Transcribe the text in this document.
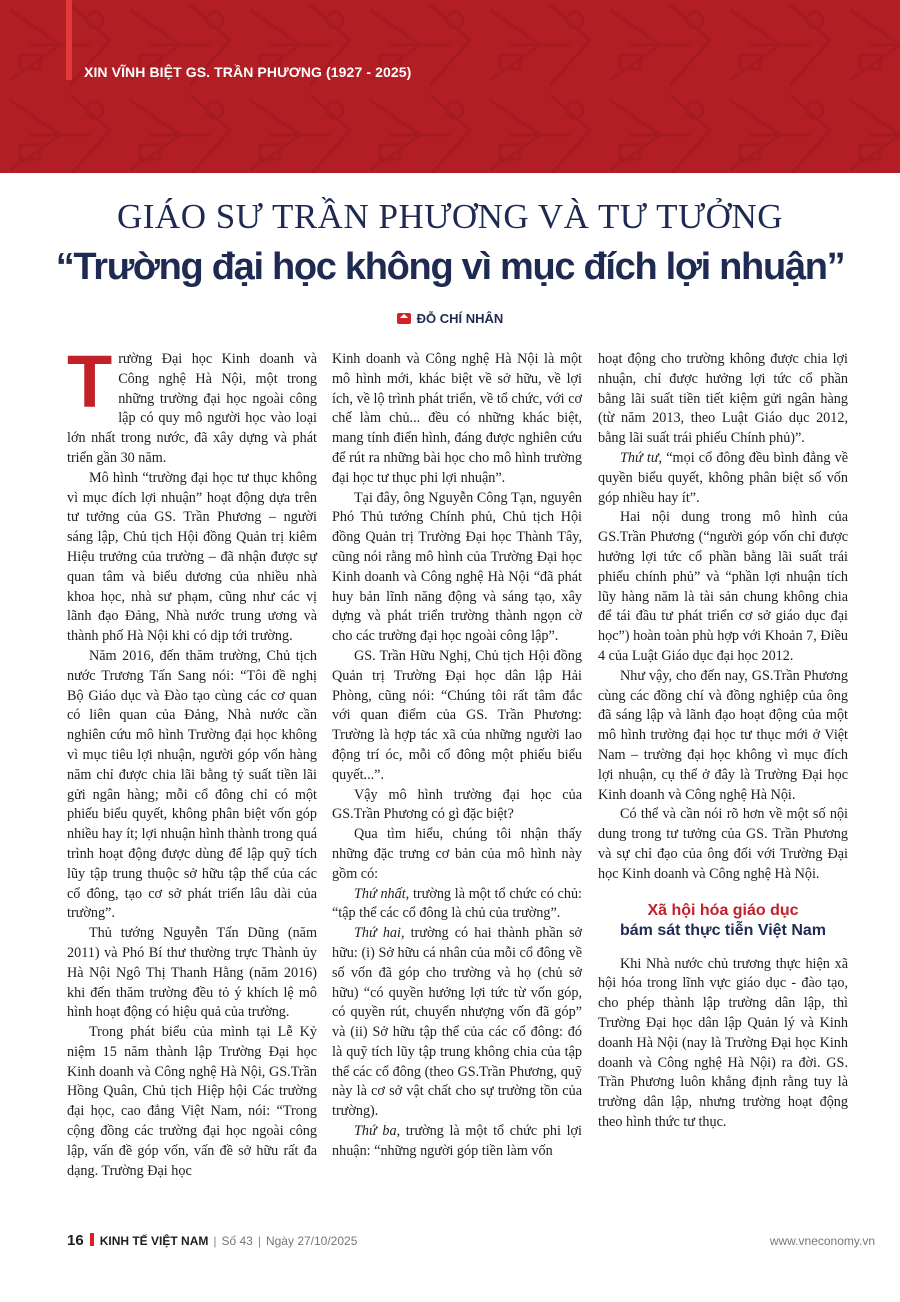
XIN VĨNH BIỆT GS. TRẦN PHƯƠNG (1927 - 2025)
GIÁO SƯ TRẦN PHƯƠNG VÀ TƯ TƯỞNG
“Trường đại học không vì mục đích lợi nhuận”
ĐỖ CHÍ NHÂN

Trường Đại học Kinh doanh và Công nghệ Hà Nội, một trong những trường đại học ngoài công lập có quy mô người học vào loại lớn nhất trong nước, đã xây dựng và phát triển gần 30 năm.

Mô hình “trường đại học tư thục không vì mục đích lợi nhuận” hoạt động dựa trên tư tưởng của GS. Trần Phương – người sáng lập, Chủ tịch Hội đồng Quản trị kiêm Hiệu trưởng của trường – đã nhận được sự quan tâm và biểu dương của nhiều nhà khoa học, nhà sư phạm, cũng như các vị lãnh đạo Đảng, Nhà nước trung ương và thành phố Hà Nội khi có dịp tới trường.

Năm 2016, đến thăm trường, Chủ tịch nước Trương Tấn Sang nói: “Tôi đề nghị Bộ Giáo dục và Đào tạo cùng các cơ quan có liên quan của Đảng, Nhà nước cần nghiên cứu mô hình Trường đại học không vì mục tiêu lợi nhuận, người góp vốn hàng năm chỉ được chia lãi bằng tỷ suất tiền lãi gửi ngân hàng; mỗi cổ đông chỉ có một phiếu biểu quyết, không phân biệt vốn góp nhiều hay ít; lợi nhuận hình thành trong quá trình hoạt động được dùng để lập quỹ tích lũy tập trung thuộc sở hữu tập thể của các cổ đông, tạo cơ sở phát triển lâu dài của trường”.

Thủ tướng Nguyễn Tấn Dũng (năm 2011) và Phó Bí thư thường trực Thành ủy Hà Nội Ngô Thị Thanh Hằng (năm 2016) khi đến thăm trường đều tỏ ý khích lệ mô hình hoạt động có hiệu quả của trường.

Trong phát biểu của mình tại Lễ Kỷ niệm 15 năm thành lập Trường Đại học Kinh doanh và Công nghệ Hà Nội, GS.Trần Hồng Quân, Chủ tịch Hiệp hội Các trường đại học, cao đẳng Việt Nam, nói: “Trong cộng đồng các trường đại học ngoài công lập, vấn đề góp vốn, vấn đề sở hữu rất đa dạng. Trường Đại học

Kinh doanh và Công nghệ Hà Nội là một mô hình mới, khác biệt về sở hữu, về lợi ích, về lộ trình phát triển, về tổ chức, với cơ chế làm chủ... đều có những khác biệt, mang tính điển hình, đáng được nghiên cứu để rút ra những bài học cho mô hình trường đại học tư thục phi lợi nhuận”.

Tại đây, ông Nguyễn Công Tạn, nguyên Phó Thủ tướng Chính phủ, Chủ tịch Hội đồng Quản trị Trường Đại học Thành Tây, cũng nói rằng mô hình của Trường Đại học Kinh doanh và Công nghệ Hà Nội “đã phát huy bản lĩnh năng động và sáng tạo, xây dựng và phát triển trường thành ngọn cờ cho các trường đại học ngoài công lập”.

GS. Trần Hữu Nghị, Chủ tịch Hội đồng Quản trị Trường Đại học dân lập Hải Phòng, cũng nói: “Chúng tôi rất tâm đắc với quan điểm của GS. Trần Phương: Trường là hợp tác xã của những người lao động trí óc, mỗi cổ đông một phiếu biểu quyết...”.

Vậy mô hình trường đại học của GS.Trần Phương có gì đặc biệt?

Qua tìm hiểu, chúng tôi nhận thấy những đặc trưng cơ bản của mô hình này gồm có:

Thứ nhất, trường là một tổ chức có chủ: “tập thể các cổ đông là chủ của trường”.

Thứ hai, trường có hai thành phần sở hữu: (i) Sở hữu cá nhân của mỗi cổ đông về số vốn đã góp cho trường và họ (chủ sở hữu) “có quyền hưởng lợi tức từ vốn góp, có quyền rút, chuyển nhượng vốn đã góp” và (ii) Sở hữu tập thể của các cổ đông: đó là quỹ tích lũy tập trung không chia của tập thể các cổ đông (theo GS.Trần Phương, quỹ này là cơ sở vật chất cho sự trường tồn của trường).

Thứ ba, trường là một tổ chức phi lợi nhuận: “những người góp tiền làm vốn

hoạt động cho trường không được chia lợi nhuận, chỉ được hưởng lợi tức cổ phần bằng lãi suất tiền tiết kiệm gửi ngân hàng (từ năm 2013, theo Luật Giáo dục 2012, bằng lãi suất trái phiếu Chính phủ)”.

Thứ tư, “mọi cổ đông đều bình đẳng về quyền biểu quyết, không phân biệt số vốn góp nhiều hay ít”.

Hai nội dung trong mô hình của GS.Trần Phương (“người góp vốn chỉ được hưởng lợi tức cổ phần bằng lãi suất trái phiếu chính phủ” và “phần lợi nhuận tích lũy hàng năm là tài sản chung không chia để tái đầu tư phát triển cơ sở giáo dục đại học”) hoàn toàn phù hợp với Khoản 7, Điều 4 của Luật Giáo dục đại học 2012.

Như vậy, cho đến nay, GS.Trần Phương cùng các đồng chí và đồng nghiệp của ông đã sáng lập và lãnh đạo hoạt động của một mô hình trường đại học tư thục mới ở Việt Nam – trường đại học không vì mục đích lợi nhuận, cụ thể ở đây là Trường Đại học Kinh doanh và Công nghệ Hà Nội.

Có thể và cần nói rõ hơn về một số nội dung trong tư tưởng của GS. Trần Phương và sự chỉ đạo của ông đối với Trường Đại học Kinh doanh và Công nghệ Hà Nội.

Xã hội hóa giáo dục
bám sát thực tiễn Việt Nam

Khi Nhà nước chủ trương thực hiện xã hội hóa trong lĩnh vực giáo dục - đào tạo, cho phép thành lập trường dân lập, thì Trường Đại học dân lập Quản lý và Kinh doanh Hà Nội (nay là Trường Đại học Kinh doanh và Công nghệ Hà Nội) ra đời. GS. Trần Phương luôn khẳng định rằng tuy là trường dân lập, nhưng trường hoạt động theo hình thức tư thục.

16 KINH TẾ VIỆT NAM | Số 43 | Ngày 27/10/2025	www.vneconomy.vn
